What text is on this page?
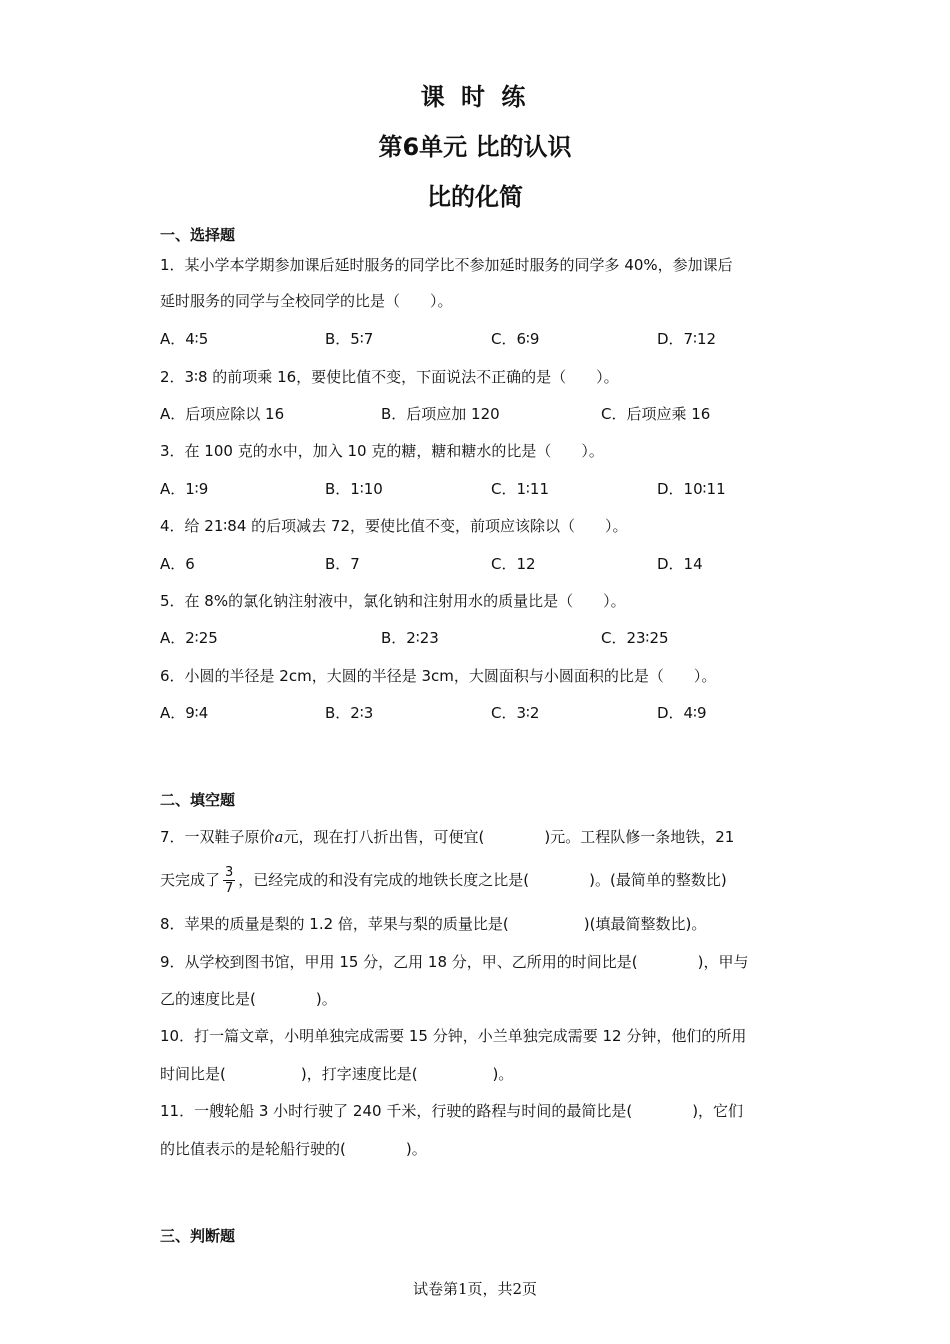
课 时 练
第6单元 比的认识
比的化简
一、选择题
1．某小学本学期参加课后延时服务的同学比不参加延时服务的同学多 40%，参加课后
延时服务的同学与全校同学的比是（　　）。
A．4∶5	B．5∶7	C．6∶9	D．7∶12
2．3∶8 的前项乘 16，要使比值不变，下面说法不正确的是（　　）。
A．后项应除以 16	B．后项应加 120	C．后项应乘 16
3．在 100 克的水中，加入 10 克的糖，糖和糖水的比是（　　）。
A．1∶9	B．1∶10	C．1∶11	D．10∶11
4．给 21∶84 的后项减去 72，要使比值不变，前项应该除以（　　）。
A．6	B．7	C．12	D．14
5．在 8%的氯化钠注射液中，氯化钠和注射用水的质量比是（　　）。
A．2∶25	B．2∶23	C．23∶25
6．小圆的半径是 2cm，大圆的半径是 3cm，大圆面积与小圆面积的比是（　　）。
A．9∶4	B．2∶3	C．3∶2	D．4∶9
二、填空题
7．一双鞋子原价a元，现在打八折出售，可便宜(　　　　)元。工程队修一条地铁，21
天完成了 $\frac{3}{7}$ ，已经完成的和没有完成的地铁长度之比是(　　　　)。(最简单的整数比)
8．苹果的质量是梨的 1.2 倍，苹果与梨的质量比是(　　　　　)(填最简整数比)。
9．从学校到图书馆，甲用 15 分，乙用 18 分，甲、乙所用的时间比是(　　　　)，甲与
乙的速度比是(　　　　)。
10．打一篇文章，小明单独完成需要 15 分钟，小兰单独完成需要 12 分钟，他们的所用
时间比是(　　　　　)，打字速度比是(　　　　　)。
11．一艘轮船 3 小时行驶了 240 千米，行驶的路程与时间的最简比是(　　　　)，它们
的比值表示的是轮船行驶的(　　　　)。
三、判断题
试卷第1页，共2页
